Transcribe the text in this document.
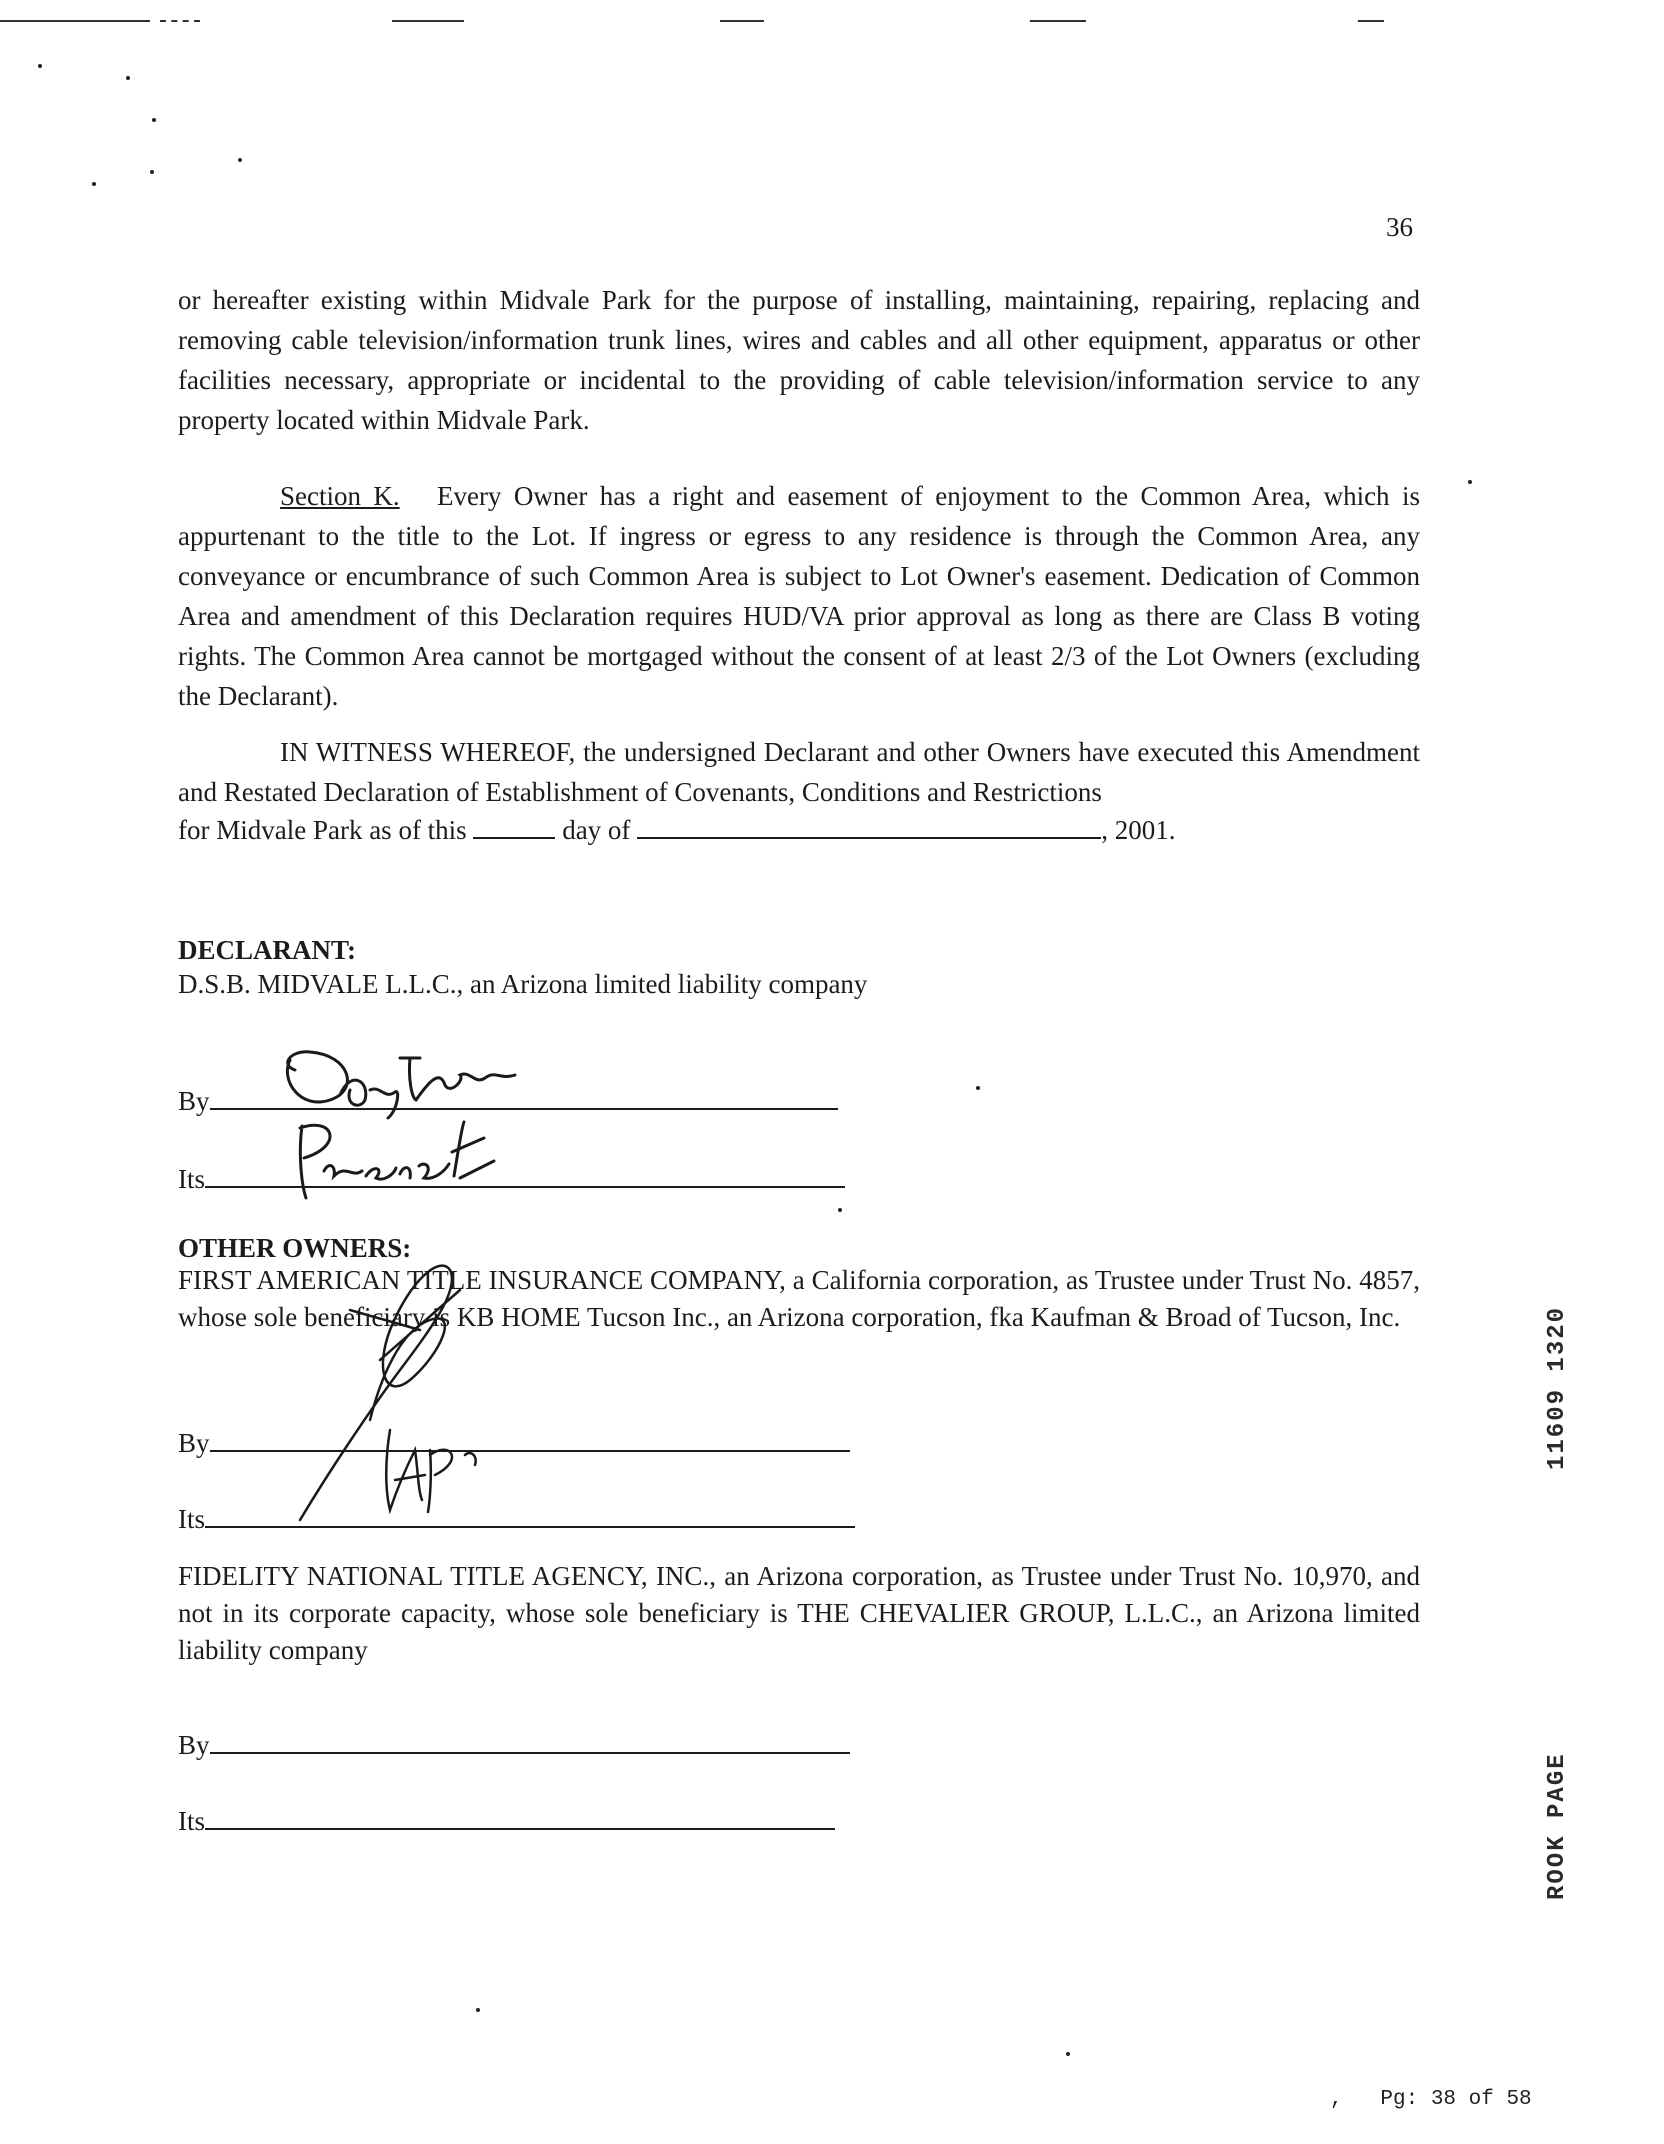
36
or hereafter existing within Midvale Park for the purpose of installing, maintaining, repairing, replacing and removing cable television/information trunk lines, wires and cables and all other equipment, apparatus or other facilities necessary, appropriate or incidental to the providing of cable television/information service to any property located within Midvale Park.
Section K. Every Owner has a right and easement of enjoyment to the Common Area, which is appurtenant to the title to the Lot. If ingress or egress to any residence is through the Common Area, any conveyance or encumbrance of such Common Area is subject to Lot Owner's easement. Dedication of Common Area and amendment of this Declaration requires HUD/VA prior approval as long as there are Class B voting rights. The Common Area cannot be mortgaged without the consent of at least 2/3 of the Lot Owners (excluding the Declarant).
IN WITNESS WHEREOF, the undersigned Declarant and other Owners have executed this Amendment and Restated Declaration of Establishment of Covenants, Conditions and Restrictions
for Midvale Park as of this	day of	, 2001.
DECLARANT:
D.S.B. MIDVALE L.L.C., an Arizona limited liability company
By
Its
OTHER OWNERS:
FIRST AMERICAN TITLE INSURANCE COMPANY, a California corporation, as Trustee under Trust No. 4857, whose sole beneficiary is KB HOME Tucson Inc., an Arizona corporation, fka Kaufman & Broad of Tucson, Inc.
By
Its
FIDELITY NATIONAL TITLE AGENCY, INC., an Arizona corporation, as Trustee under Trust No. 10,970, and not in its corporate capacity, whose sole beneficiary is THE CHEVALIER GROUP, L.L.C., an Arizona limited liability company
By
Its
11609 1320
ROOK PAGE
, Pg: 38 of 58
